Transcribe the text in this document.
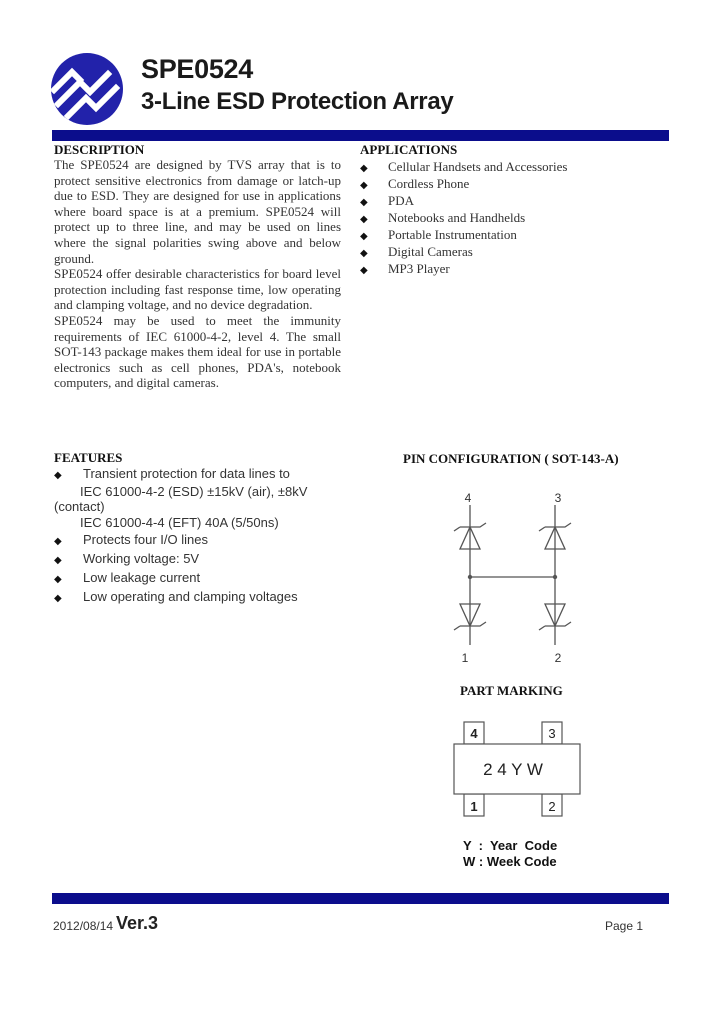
SPE0524
3-Line ESD Protection Array
DESCRIPTION

The SPE0524 are designed by TVS array that is to protect sensitive electronics from damage or latch-up due to ESD. They are designed for use in applications where board space is at a premium. SPE0524 will protect up to three line, and may be used on lines where the signal polarities swing above and below ground.

SPE0524 offer desirable characteristics for board level protection including fast response time, low operating and clamping voltage, and no device degradation.

SPE0524 may be used to meet the immunity requirements of IEC 61000-4-2, level 4. The small SOT-143 package makes them ideal for use in portable electronics such as cell phones, PDA's, notebook computers, and digital cameras.

APPLICATIONS
◆ Cellular Handsets and Accessories
◆ Cordless Phone
◆ PDA
◆ Notebooks and Handhelds
◆ Portable Instrumentation
◆ Digital Cameras
◆ MP3 Player
FEATURES
◆ Transient protection for data lines to
IEC 61000-4-2 (ESD) ±15kV (air), ±8kV
(contact)
IEC 61000-4-4 (EFT) 40A (5/50ns)
◆ Protects four I/O lines
◆ Working voltage: 5V
◆ Low leakage current
◆ Low operating and clamping voltages
PIN CONFIGURATION ( SOT-143-A)
4	3
1	2
PART MARKING
4	3
1	2
2 4 Y W
Y  :  Year  Code
W : Week Code
2012/08/14 Ver.3	Page 1
